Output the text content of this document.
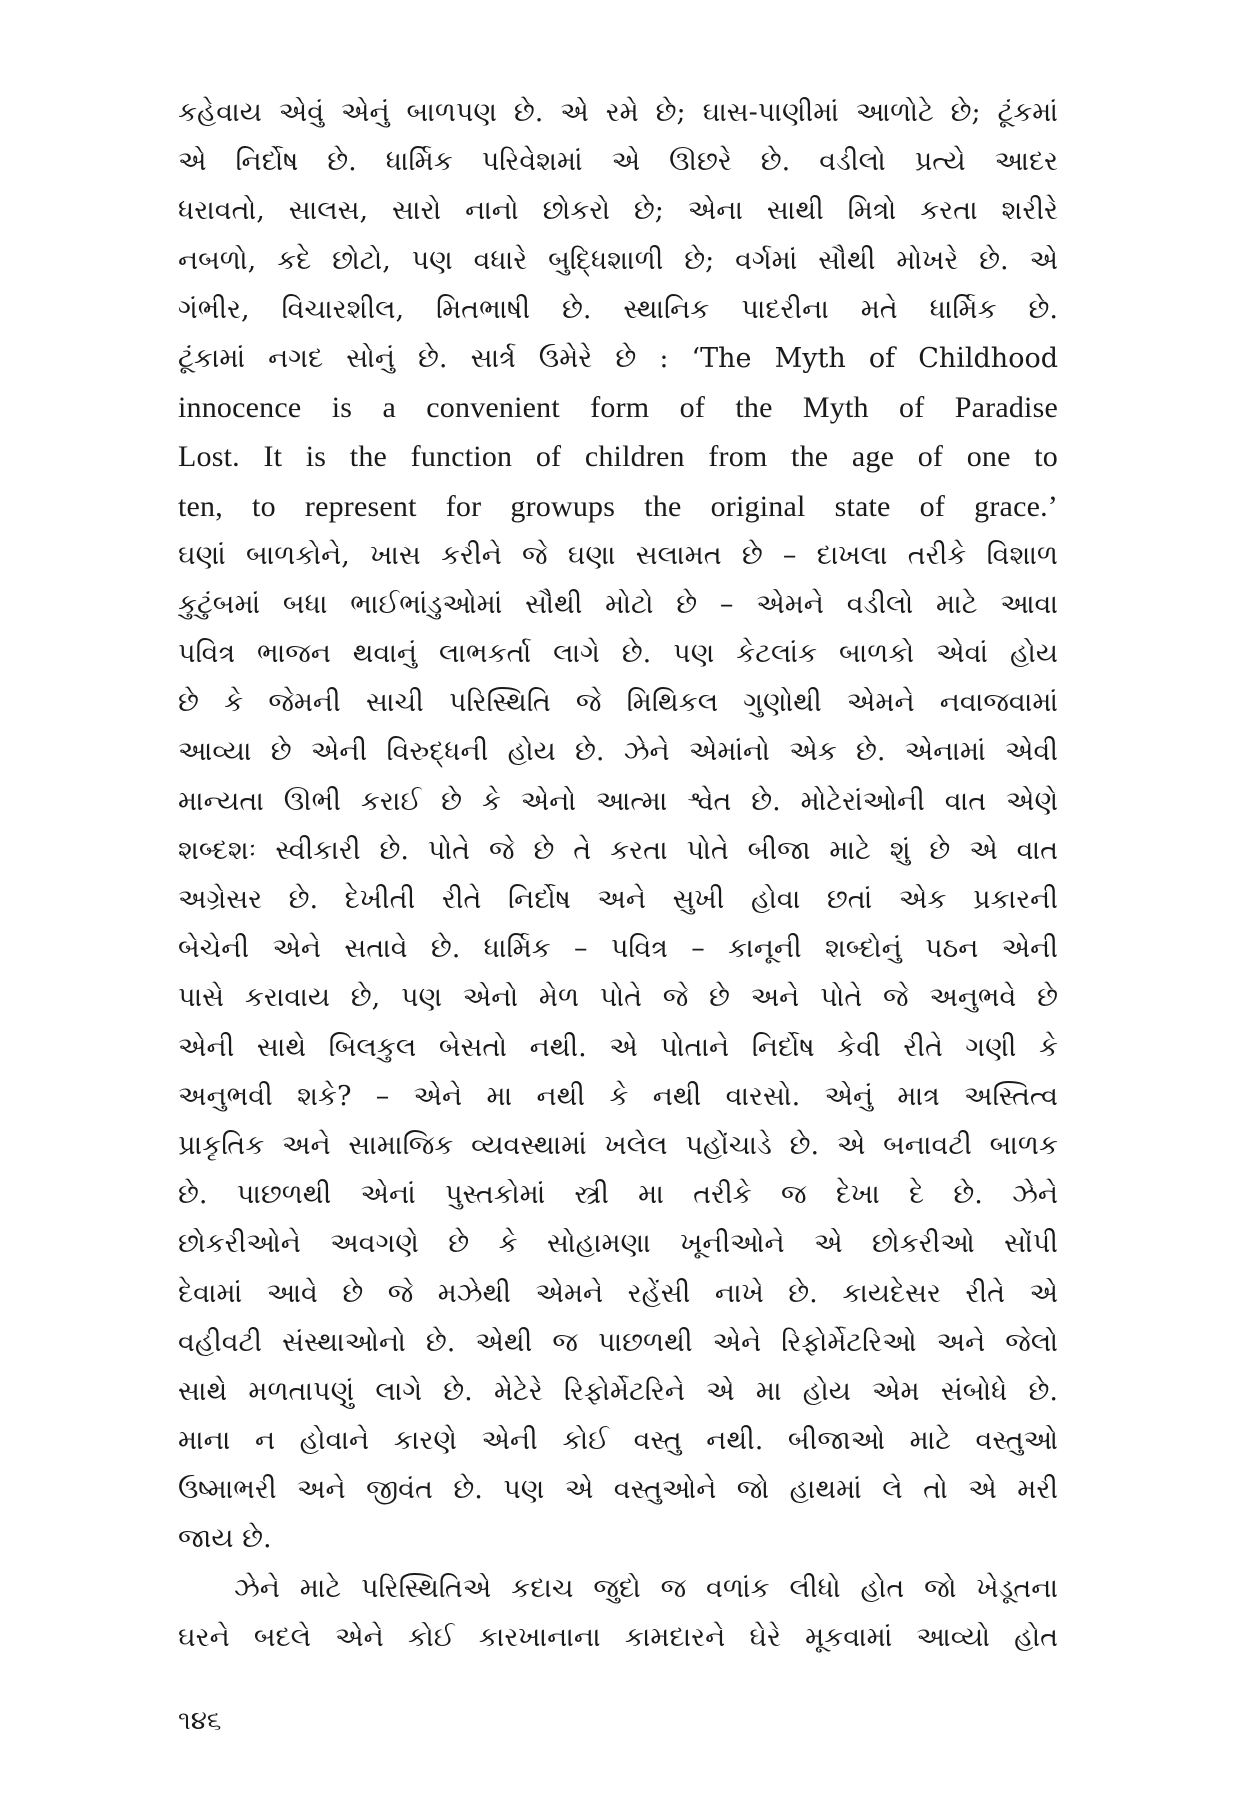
કહેવાય એવું એનું બાળપણ છે. એ રમે છે; ઘાસ-પાણીમાં આળોટે છે; ટૂંકમાં
એ નિર્દોષ છે. ધાર્મિક પરિવેશમાં એ ઊછરે છે. વડીલો પ્રત્યે આદર
ધરાવતો, સાલસ, સારો નાનો છોકરો છે; એના સાથી મિત્રો કરતા શરીરે
નબળો, કદે છોટો, પણ વધારે બુદ્ધિશાળી છે; વર્ગમાં સૌથી મોખરે છે. એ
ગંભીર, વિચારશીલ, મિતભાષી છે. સ્થાનિક પાદરીના મતે ધાર્મિક છે.
ટૂંકામાં નગદ સોનું છે. સાર્ત્ર ઉમેરે છે : ‘The Myth of Childhood
innocence is a convenient form of the Myth of Paradise
Lost. It is the function of children from the age of one to
ten, to represent for growups the original state of grace.’
ઘણાં બાળકોને, ખાસ કરીને જે ઘણા સલામત છે – દાખલા તરીકે વિશાળ
કુટુંબમાં બધા ભાઈભાંડુઓમાં સૌથી મોટો છે – એમને વડીલો માટે આવા
પવિત્ર ભાજન થવાનું લાભકર્તા લાગે છે. પણ કેટલાંક બાળકો એવાં હોય
છે કે જેમની સાચી પરિસ્થિતિ જે મિથિકલ ગુણોથી એમને નવાજવામાં
આવ્યા છે એની વિરુદ્ધની હોય છે. ઝેને એમાંનો એક છે. એનામાં એવી
માન્યતા ઊભી કરાઈ છે કે એનો આત્મા શ્વેત છે. મોટેરાંઓની વાત એણે
શબ્દશઃ સ્વીકારી છે. પોતે જે છે તે કરતા પોતે બીજા માટે શું છે એ વાત
અગ્રેસર છે. દેખીતી રીતે નિર્દોષ અને સુખી હોવા છતાં એક પ્રકારની
બેચેની એને સતાવે છે. ધાર્મિક – પવિત્ર – કાનૂની શબ્દોનું પઠન એની
પાસે કરાવાય છે, પણ એનો મેળ પોતે જે છે અને પોતે જે અનુભવે છે
એની સાથે બિલકુલ બેસતો નથી. એ પોતાને નિર્દોષ કેવી રીતે ગણી કે
અનુભવી શકે? – એને મા નથી કે નથી વારસો. એનું માત્ર અસ્તિત્વ
પ્રાકૃતિક અને સામાજિક વ્યવસ્થામાં ખલેલ પહોંચાડે છે. એ બનાવટી બાળક
છે. પાછળથી એનાં પુસ્તકોમાં સ્ત્રી મા તરીકે જ દેખા દે છે. ઝેને
છોકરીઓને અવગણે છે કે સોહામણા ખૂનીઓને એ છોકરીઓ સોંપી
દેવામાં આવે છે જે મઝેથી એમને રહેંસી નાખે છે. કાયદેસર રીતે એ
વહીવટી સંસ્થાઓનો છે. એથી જ પાછળથી એને રિફોર્મેટરિઓ અને જેલો
સાથે મળતાપણું લાગે છે. મેટેરે રિફોર્મેટરિને એ મા હોય એમ સંબોધે છે.
માના ન હોવાને કારણે એની કોઈ વસ્તુ નથી. બીજાઓ માટે વસ્તુઓ
ઉષ્માભરી અને જીવંત છે. પણ એ વસ્તુઓને જો હાથમાં લે તો એ મરી
જાય છે.
ઝેને માટે પરિસ્થિતિએ કદાચ જુદો જ વળાંક લીધો હોત જો ખેડૂતના
ઘરને બદલે એને કોઈ કારખાનાના કામદારને ઘેરે મૂકવામાં આવ્યો હોત
૧૪૬
